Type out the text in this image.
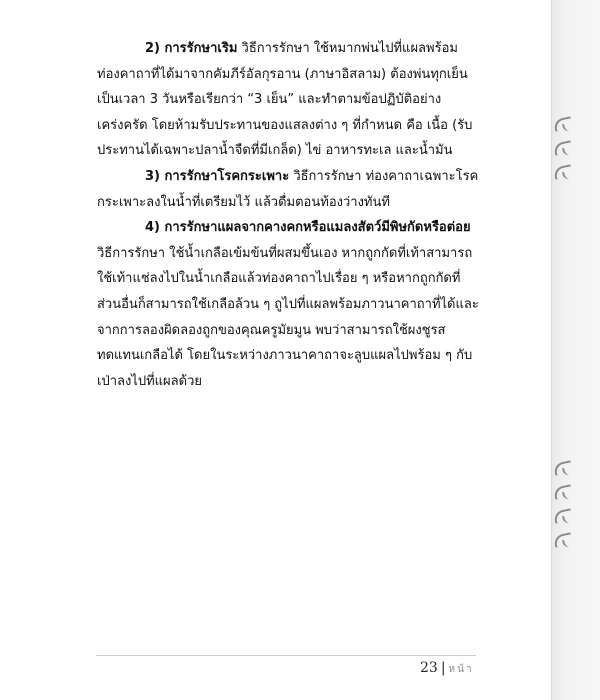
2) การรักษาเริม วิธีการรักษา ใช้หมากพ่นไปที่แผลพร้อมท่องคาถาที่ได้มาจากคัมภีร์อัลกุรอาน (ภาษาอิสลาม) ต้องพ่นทุกเย็นเป็นเวลา 3 วันหรือเรียกว่า “3 เย็น” และทำตามข้อปฏิบัติอย่างเคร่งครัด โดยห้ามรับประทานของแสลงต่าง ๆ ที่กำหนด คือ เนื้อ (รับประทานได้เฉพาะปลาน้ำจืดที่มีเกล็ด) ไข่ อาหารทะเล และน้ำมัน

3) การรักษาโรคกระเพาะ วิธีการรักษา ท่องคาถาเฉพาะโรคกระเพาะลงในน้ำที่เตรียมไว้ แล้วดื่มตอนท้องว่างทันที

4) การรักษาแผลจากคางคกหรือแมลงสัตว์มีพิษกัดหรือต่อย

วิธีการรักษา ใช้น้ำเกลือเข้มข้นที่ผสมขึ้นเอง หากถูกกัดที่เท้าสามารถใช้เท้าแช่ลงไปในน้ำเกลือแล้วท่องคาถาไปเรื่อย ๆ หรือหากถูกกัดที่ส่วนอื่นก็สามารถใช้เกลือล้วน ๆ ถูไปที่แผลพร้อมภาวนาคาถาที่ได้และจากการลองผิดลองถูกของคุณครูมัยมูน พบว่าสามารถใช้ผงชูรสทดแทนเกลือได้ โดยในระหว่างภาวนาคาถาจะลูบแผลไปพร้อม ๆ กับเป่าลงไปที่แผลด้วย

23 | หน้า
